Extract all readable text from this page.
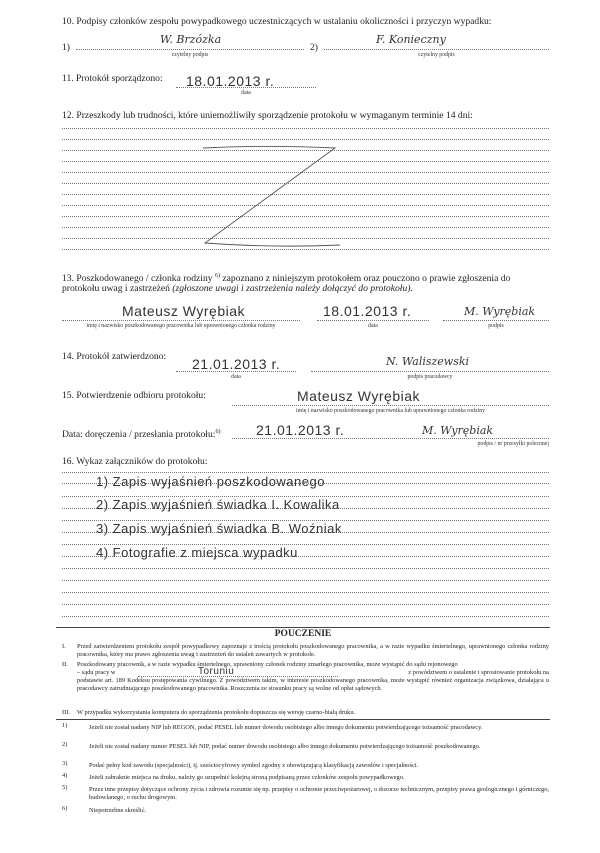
10. Podpisy członków zespołu powypadkowego uczestniczących w ustalaniu okoliczności i przyczyn wypadku:
1)
W. Brzózka
czytelny podpis
2)
F. Konieczny
czytelny podpis
11. Protokół sporządzono: 18.01.2013 r.
data
12. Przeszkody lub trudności, które uniemożliwiły sporządzenie protokołu w wymaganym terminie 14 dni:
13. Poszkodowanego / członka rodziny $^{6)}$ zapoznano z niniejszym protokołem oraz pouczono o prawie zgłoszenia do
protokołu uwag i zastrzeżeń (zgłoszone uwagi i zastrzeżenia należy dołączyć do protokołu).
Mateusz Wyrębiak
imię i nazwisko poszkodowanego pracownika lub uprawnionego członka rodziny
18.01.2013 r.
data
M. Wyrębiak
podpis
14. Protokół zatwierdzono: 21.01.2013 r.
data
N. Waliszewski
podpis pracodawcy
15. Potwierdzenie odbioru protokołu:	Mateusz Wyrębiak
imię i nazwisko poszkodowanego pracownika lub uprawnionego członka rodziny
Data: doręczenia / przesłania protokołu:$^{6)}$	21.01.2013 r.	M. Wyrębiak
podpis / nr przesyłki poleconej
16. Wykaz załączników do protokołu:
1) Zapis wyjaśnień poszkodowanego
2) Zapis wyjaśnień świadka I. Kowalika
3) Zapis wyjaśnień świadka B. Woźniak
4) Fotografie z miejsca wypadku
POUCZENIE
I. Przed zatwierdzeniem protokołu zespół powypadkowy zapoznaje z treścią protokołu poszkodowanego pracownika, a w razie wypadku śmiertelnego, uprawnionego członka rodziny pracownika, który ma prawo zgłoszenia uwag i zastrzeżeń do ustaleń zawartych w protokole.
II. Poszkodowany pracownik, a w razie wypadku śmiertelnego, uprawniony członek rodziny zmarłego pracownika, może wystąpić do sądu rejonowego
– sądu pracy w	Toruniu	z powództwem o ustalenie i sprostowanie protokołu na
podstawie art. 189 Kodeksu postępowania cywilnego. Z powództwem takim, w interesie poszkodowanego pracownika, może wystąpić również organizacja związkowa, działająca u pracodawcy zatrudniającego poszkodowanego pracownika. Roszczenia ze stosunku pracy są wolne od opłat sądowych.
III. W przypadku wykorzystania komputera do sporządzenia protokołu dopuszcza się wersję czarno-białą druku.
1)	Jeżeli nie został nadany NIP lub REGON, podać PESEL lub numer dowodu osobistego albo innego dokumentu potwierdzającego tożsamość pracodawcy.
2)	Jeżeli nie został nadany numer PESEL lub NIP, podać numer dowodu osobistego albo innego dokumentu potwierdzającego tożsamość poszkodowanego.
3)	Podać pełny kod zawodu (specjalności), tj. sześciocyfrowy symbol zgodny z obowiązującą klasyfikacją zawodów i specjalności.
4)	Jeżeli zabraknie miejsca na druku, należy go uzupełnić kolejną stroną podpisaną przez członków zespołu powypadkowego.
5)	Przez inne przepisy dotyczące ochrony życia i zdrowia rozumie się np. przepisy o ochronie przeciwpożarowej, o dozorze technicznym, przepisy prawa geologicznego i górniczego, budowlanego, o ruchu drogowym.
6)	Niepotrzebne skreślić.
